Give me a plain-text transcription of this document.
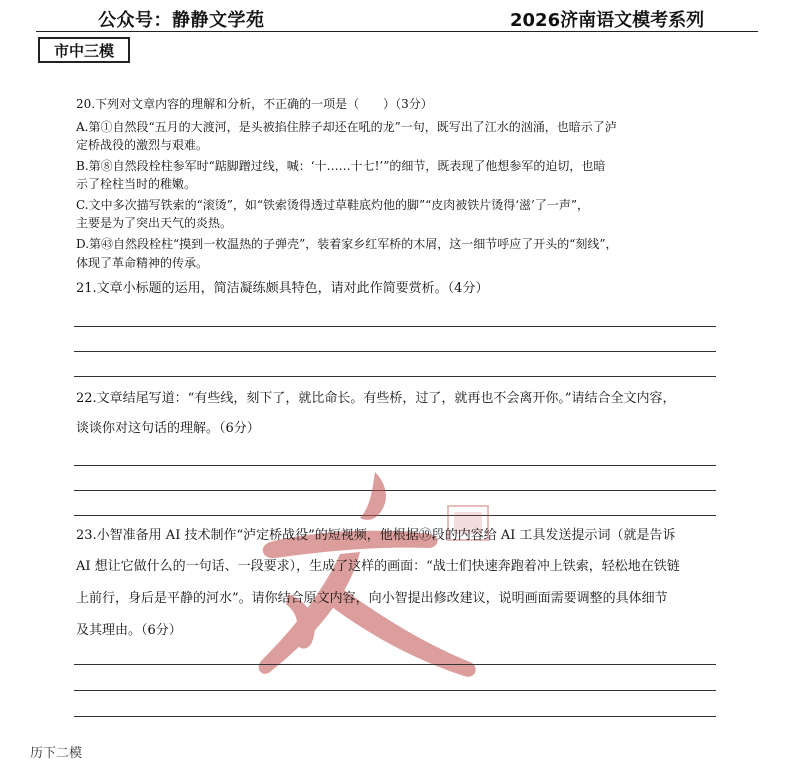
公众号：静静文学苑	2026济南语文模考系列
市中三模
20.下列对文章内容的理解和分析，不正确的一项是（　　）（3分）
A.第①自然段“五月的大渡河，是头被掐住脖子却还在吼的龙”一句，既写出了江水的汹涌，也暗示了泸
定桥战役的激烈与艰难。
B.第⑧自然段栓柱参军时“踮脚蹭过线，喊：‘十……十七!’”的细节，既表现了他想参军的迫切，也暗
示了栓柱当时的稚嫩。
C.文中多次描写铁索的“滚烫”，如“铁索烫得透过草鞋底灼他的脚”“皮肉被铁片烫得‘滋’了一声”，
主要是为了突出天气的炎热。
D.第㊸自然段栓柱“摸到一枚温热的子弹壳”，装着家乡红军桥的木屑，这一细节呼应了开头的“刻线”，
体现了革命精神的传承。
21.文章小标题的运用，简洁凝练颇具特色，请对此作简要赏析。（4分）
22.文章结尾写道：“有些线，刻下了，就比命长。有些桥，过了，就再也不会离开你。”请结合全文内容，
谈谈你对这句话的理解。（6分）
23.小智准备用 AI 技术制作“泸定桥战役”的短视频，他根据⑲段的内容给 AI 工具发送提示词（就是告诉
AI 想让它做什么的一句话、一段要求），生成了这样的画面：“战士们快速奔跑着冲上铁索，轻松地在铁链
上前行，身后是平静的河水”。请你结合原文内容，向小智提出修改建议，说明画面需要调整的具体细节
及其理由。（6分）
历下二模
